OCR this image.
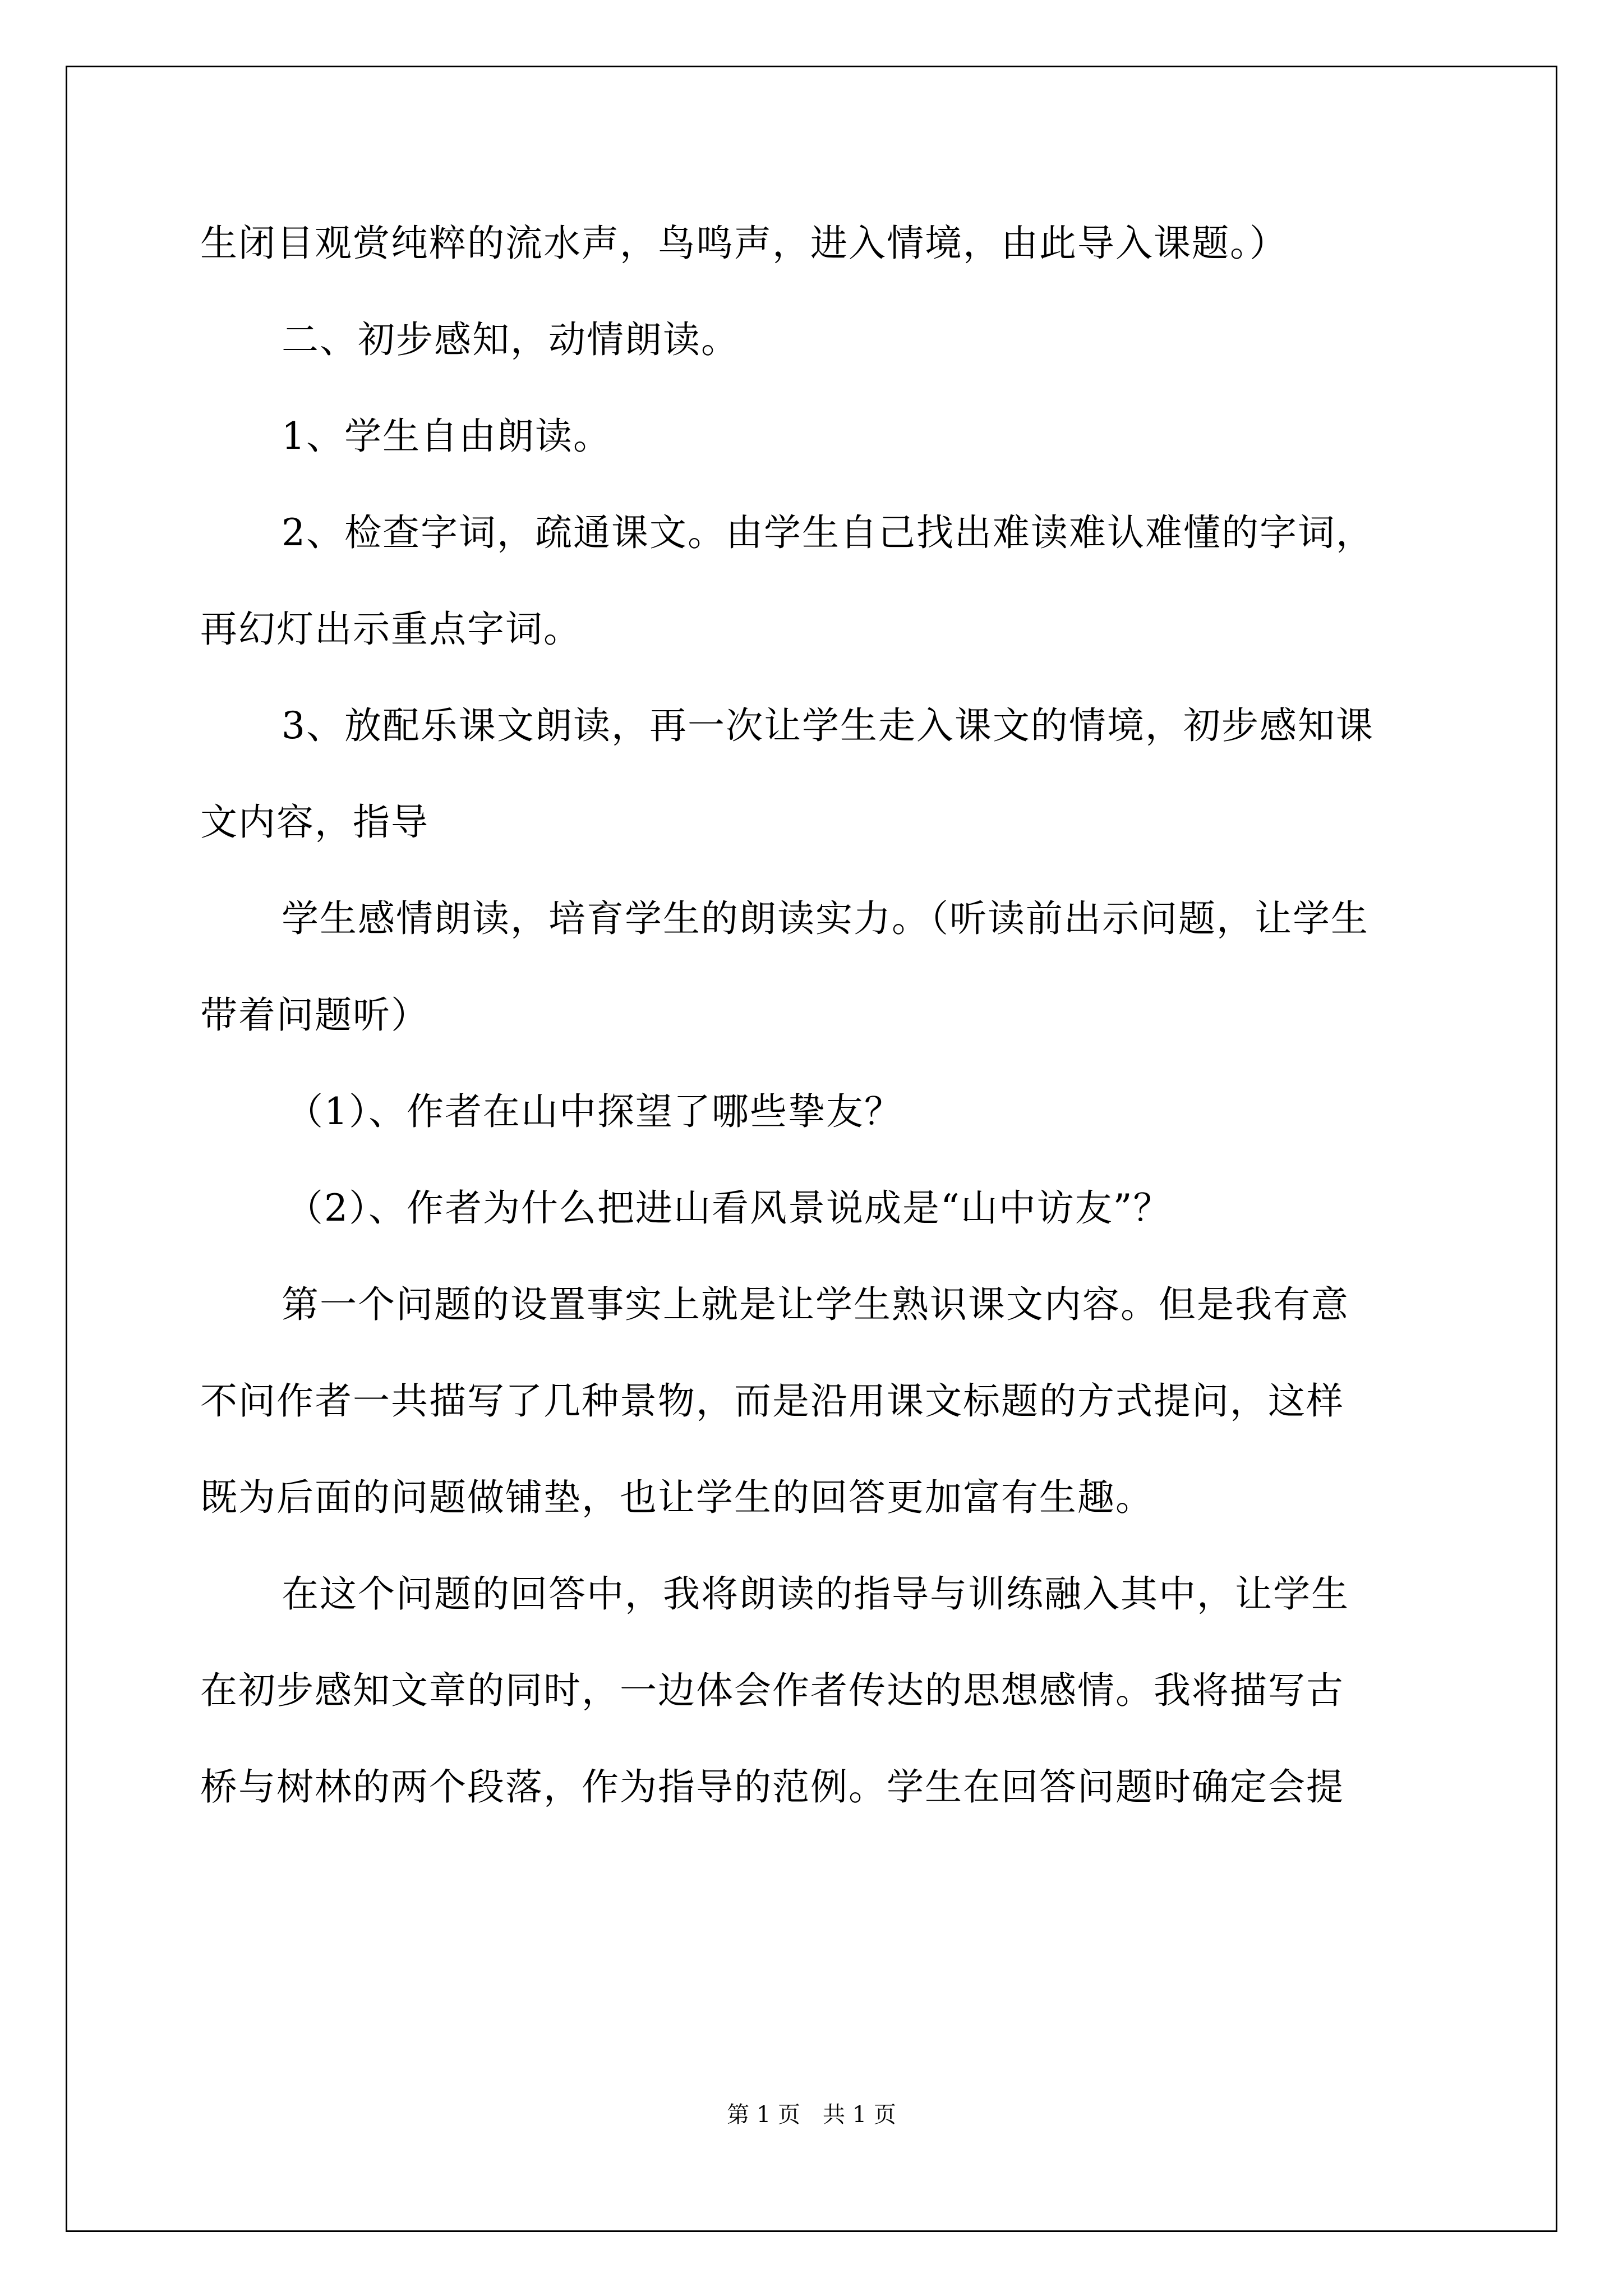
生闭目观赏纯粹的流水声，鸟鸣声，进入情境，由此导入课题。）
二、初步感知，动情朗读。
1、学生自由朗读。
2、检查字词，疏通课文。由学生自己找出难读难认难懂的字词，
再幻灯出示重点字词。
3、放配乐课文朗读，再一次让学生走入课文的情境，初步感知课
文内容，指导
学生感情朗读，培育学生的朗读实力。（听读前出示问题，让学生
带着问题听）
（1）、作者在山中探望了哪些挚友？
（2）、作者为什么把进山看风景说成是“山中访友”？
第一个问题的设置事实上就是让学生熟识课文内容。但是我有意
不问作者一共描写了几种景物，而是沿用课文标题的方式提问，这样
既为后面的问题做铺垫，也让学生的回答更加富有生趣。
在这个问题的回答中，我将朗读的指导与训练融入其中，让学生
在初步感知文章的同时，一边体会作者传达的思想感情。我将描写古
桥与树林的两个段落，作为指导的范例。学生在回答问题时确定会提
第 1 页　共 1 页
